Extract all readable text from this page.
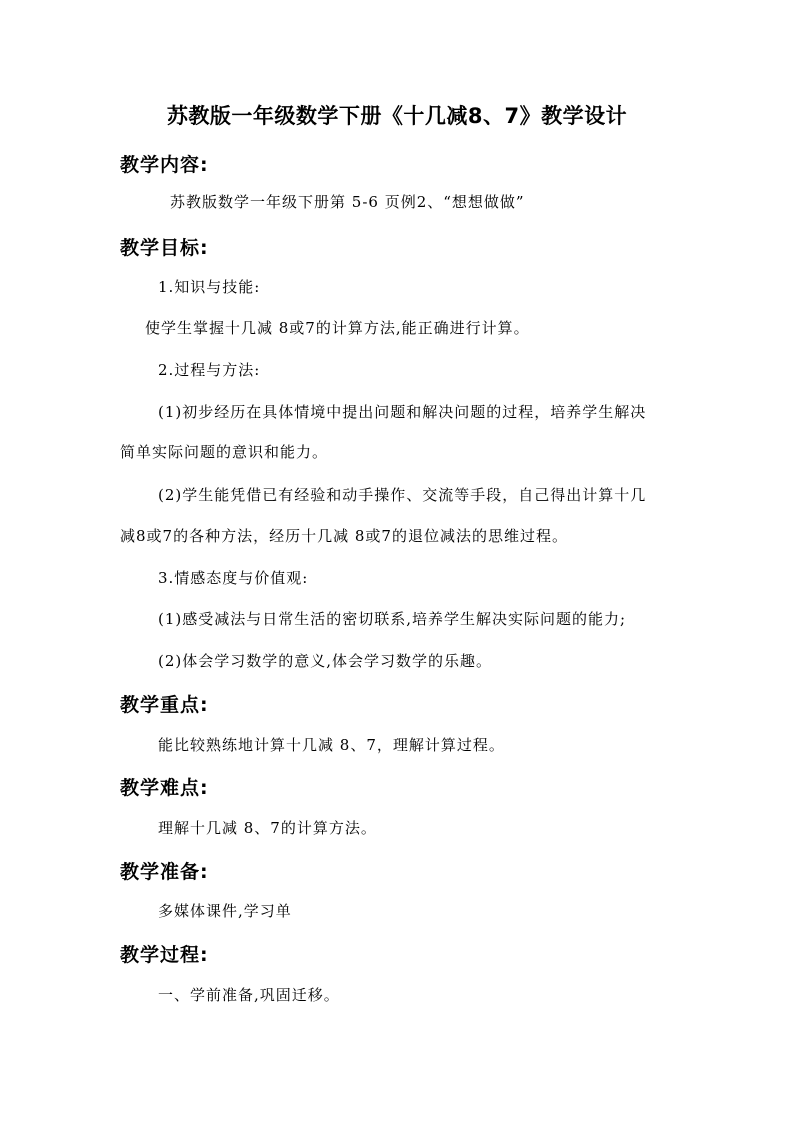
苏教版一年级数学下册《十几减8、7》教学设计
教学内容:
苏教版数学一年级下册第 5-6 页例2、“想想做做”
教学目标:
1.知识与技能:
使学生掌握十几减 8或7的计算方法,能正确进行计算。
2.过程与方法:
(1)初步经历在具体情境中提出问题和解决问题的过程，培养学生解决
简单实际问题的意识和能力。
(2)学生能凭借已有经验和动手操作、交流等手段，自己得出计算十几
减8或7的各种方法，经历十几减 8或7的退位减法的思维过程。
3.情感态度与价值观:
(1)感受减法与日常生活的密切联系,培养学生解决实际问题的能力;
(2)体会学习数学的意义,体会学习数学的乐趣。
教学重点:
能比较熟练地计算十几减 8、7，理解计算过程。
教学难点:
理解十几减 8、7的计算方法。
教学准备:
多媒体课件,学习单
教学过程:
一、学前准备,巩固迁移。
